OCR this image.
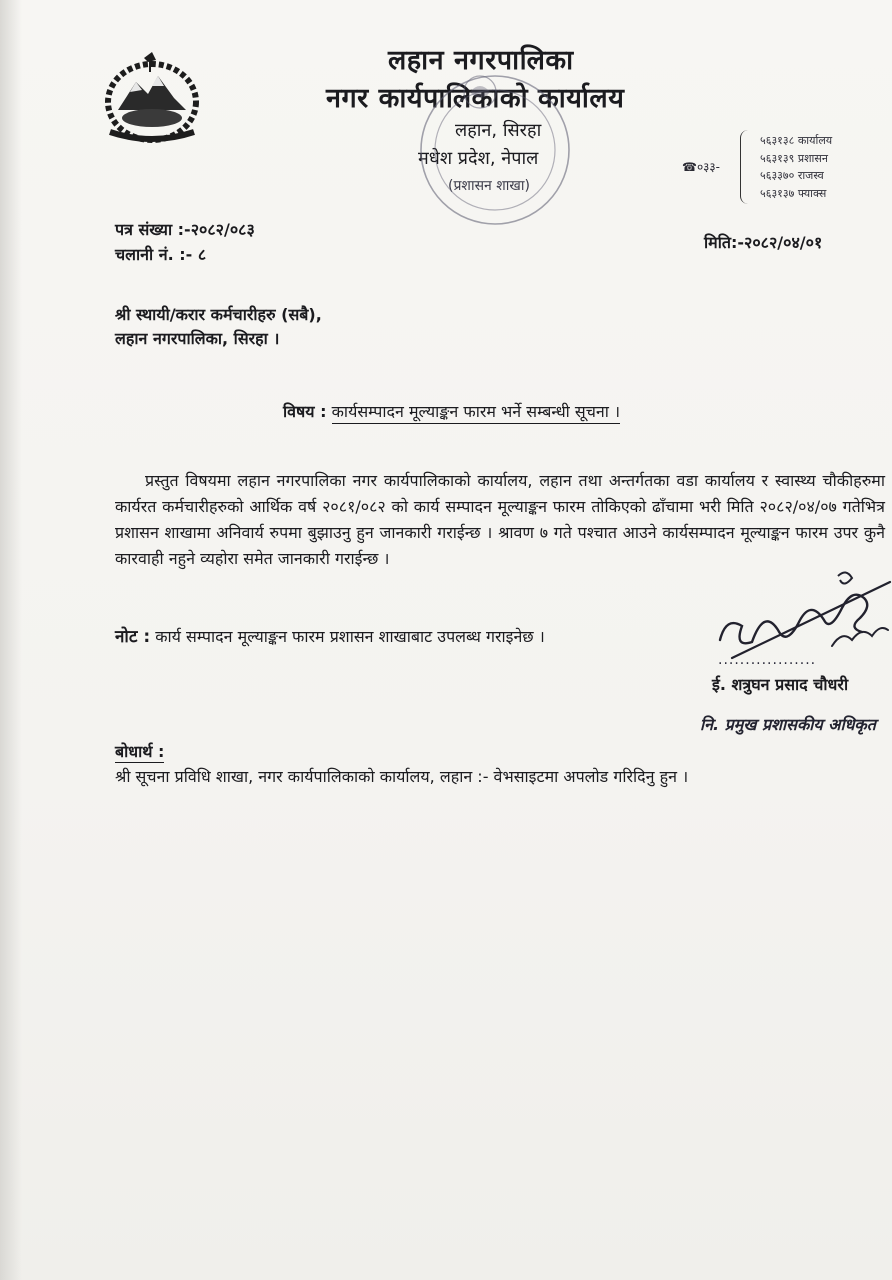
लहान नगरपालिका
नगर कार्यपालिकाको कार्यालय
लहान, सिरहा
मधेश प्रदेश, नेपाल
(प्रशासन शाखा)
☎०३३-
५६३१३८ कार्यालय
५६३१३९ प्रशासन
५६३३७० राजस्व
५६३१३७ फ्याक्स
पत्र संख्या :-२०८२/०८३
चलानी नं. :- ८
मिति:-२०८२/०४/०१
श्री स्थायी/करार कर्मचारीहरु (सबै),
लहान नगरपालिका, सिरहा ।
विषय : कार्यसम्पादन मूल्याङ्कन फारम भर्ने सम्बन्धी सूचना ।
प्रस्तुत विषयमा लहान नगरपालिका नगर कार्यपालिकाको कार्यालय, लहान तथा अन्तर्गतका वडा कार्यालय र स्वास्थ्य चौकीहरुमा कार्यरत कर्मचारीहरुको आर्थिक वर्ष २०८१/०८२ को कार्य सम्पादन मूल्याङ्कन फारम तोकिएको ढाँचामा भरी मिति २०८२/०४/०७ गतेभित्र प्रशासन शाखामा अनिवार्य रुपमा बुझाउनु हुन जानकारी गराईन्छ । श्रावण ७ गते पश्चात आउने कार्यसम्पादन मूल्याङ्कन फारम उपर कुनै कारवाही नहुने व्यहोरा समेत जानकारी गराईन्छ ।
नोट : कार्य सम्पादन मूल्याङ्कन फारम प्रशासन शाखाबाट उपलब्ध गराइनेछ ।
..................
ई. शत्रुघन प्रसाद चौधरी
नि. प्रमुख प्रशासकीय अधिकृत
बोधार्थ :
श्री सूचना प्रविधि शाखा, नगर कार्यपालिकाको कार्यालय, लहान :- वेभसाइटमा अपलोड गरिदिनु हुन ।
